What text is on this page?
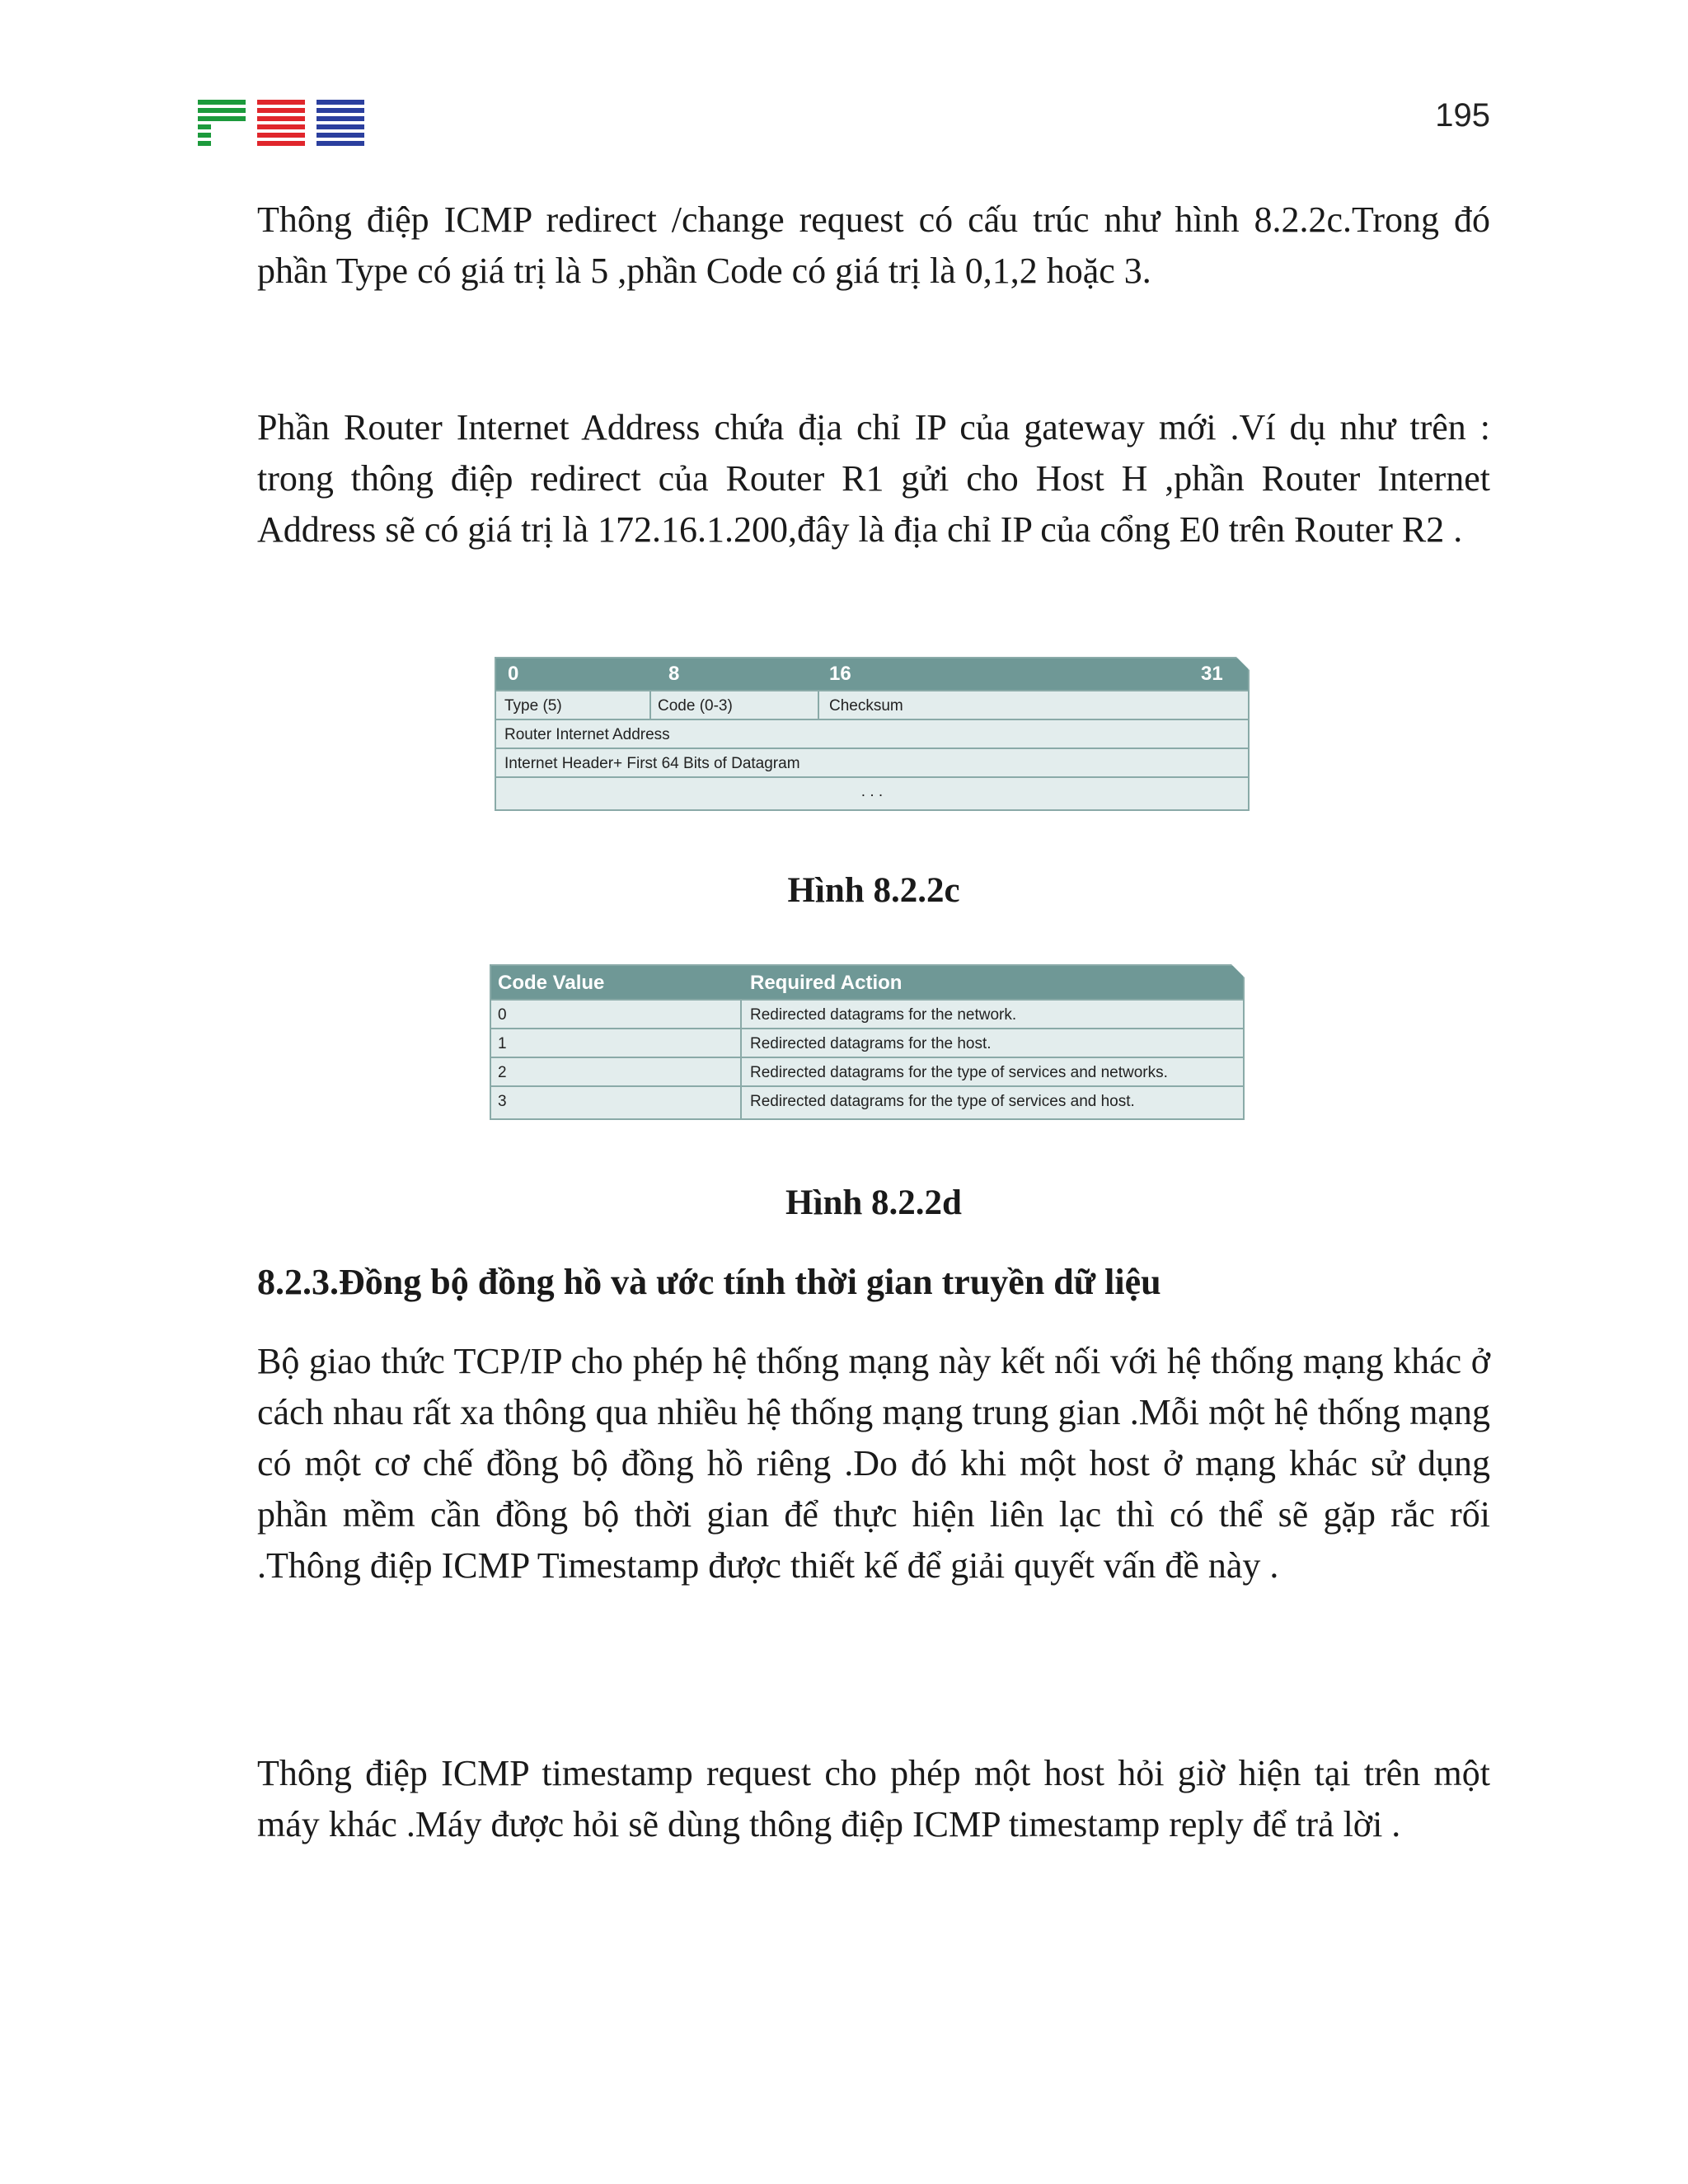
195

Thông điệp ICMP redirect /change request có cấu trúc như hình 8.2.2c.Trong đó phần Type có giá trị là 5 ,phần Code có giá trị là 0,1,2 hoặc 3.

Phần Router Internet Address chứa địa chỉ IP của gateway mới .Ví dụ như trên : trong thông điệp redirect của Router R1 gửi cho Host H ,phần Router Internet Address sẽ có giá trị là 172.16.1.200,đây là địa chỉ IP của cổng E0 trên Router R2 .

0	8	16	31
Type (5)	Code (0-3)	Checksum
Router Internet Address
Internet Header+ First 64 Bits of Datagram
. . .
Hình 8.2.2c
Code Value	Required Action
0	Redirected datagrams for the network.
1	Redirected datagrams for the host.
2	Redirected datagrams for the type of services and networks.
3	Redirected datagrams for the type of services and host.
Hình 8.2.2d
8.2.3.Đồng bộ đồng hồ và ước tính thời gian truyền dữ liệu

Bộ giao thức TCP/IP cho phép hệ thống mạng này kết nối với hệ thống mạng khác ở cách nhau rất xa thông qua nhiều hệ thống mạng trung gian .Mỗi một hệ thống mạng có một cơ chế đồng bộ đồng hồ riêng .Do đó khi một host ở mạng khác sử dụng phần mềm cần đồng bộ thời gian để thực hiện liên lạc thì có thể sẽ gặp rắc rối .Thông điệp ICMP Timestamp được thiết kế để giải quyết vấn đề này .

Thông điệp ICMP timestamp request cho phép một host hỏi giờ hiện tại trên một máy khác .Máy được hỏi sẽ dùng thông điệp ICMP timestamp reply để trả lời .
